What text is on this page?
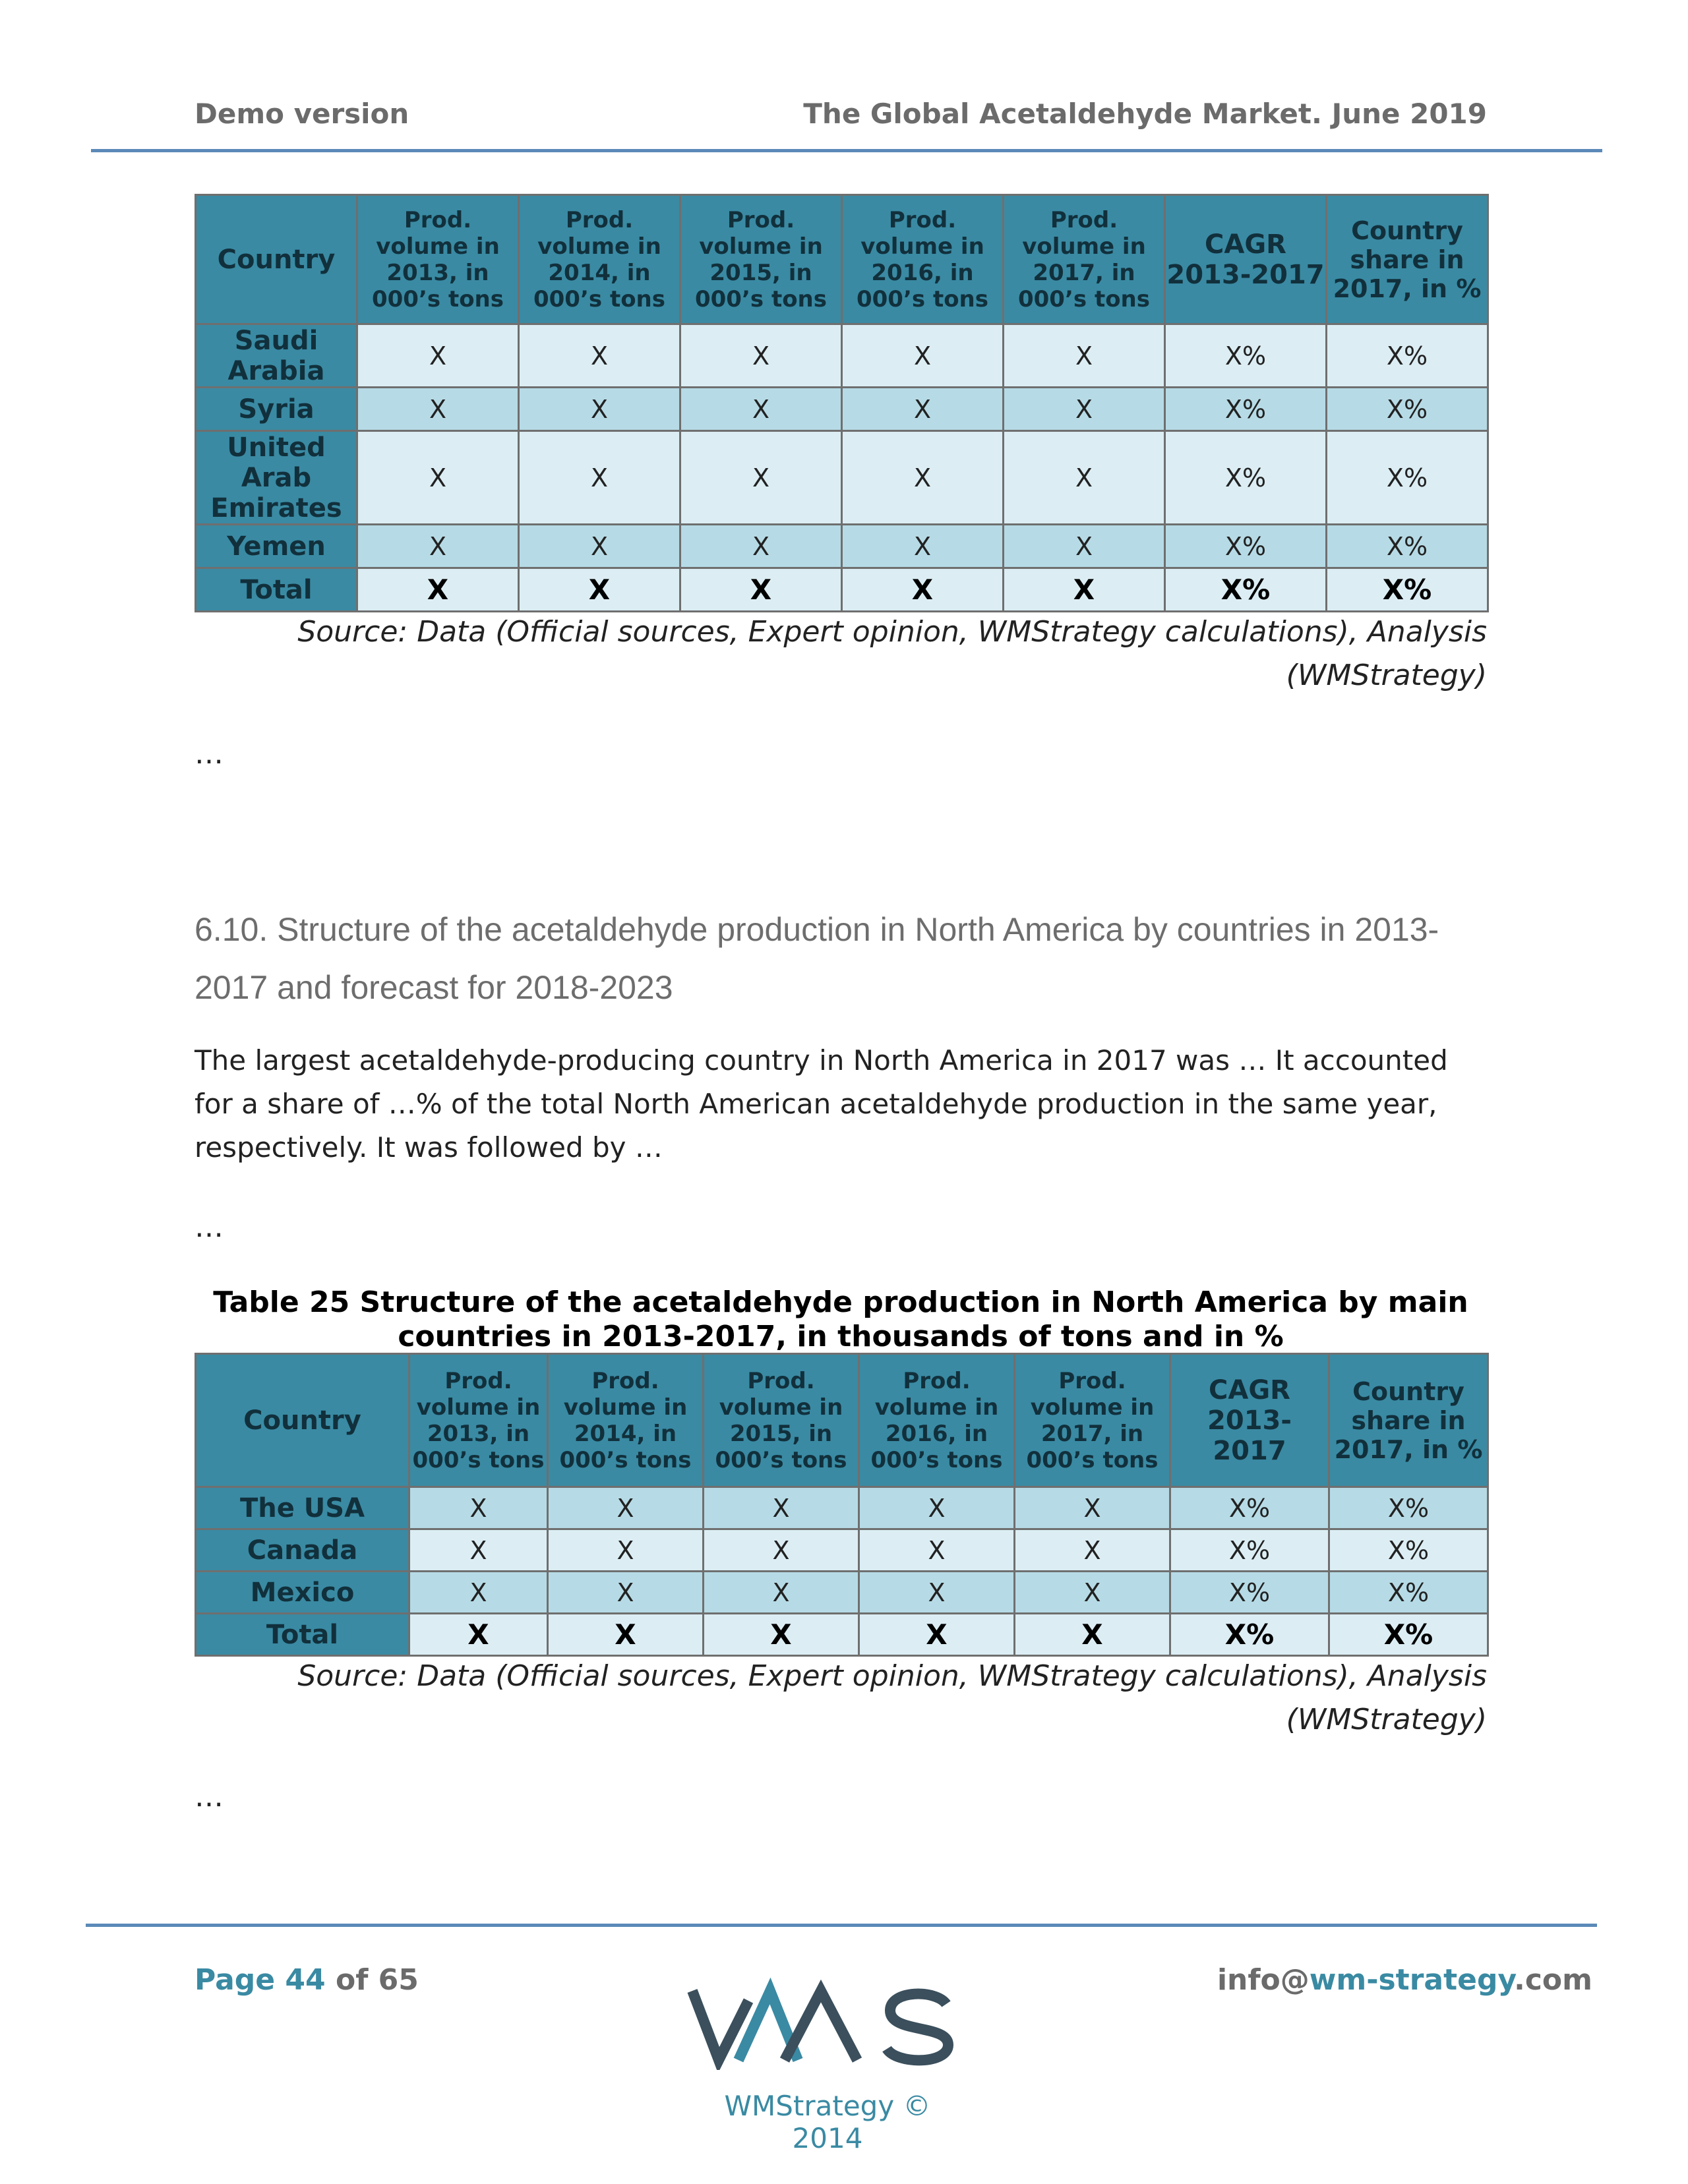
Demo version	The Global Acetaldehyde Market. June 2019
Country	Prod. volume in 2013, in 000’s tons	Prod. volume in 2014, in 000’s tons	Prod. volume in 2015, in 000’s tons	Prod. volume in 2016, in 000’s tons	Prod. volume in 2017, in 000’s tons	CAGR 2013-2017	Country share in 2017, in %
Saudi Arabia	X	X	X	X	X	X%	X%
Syria	X	X	X	X	X	X%	X%
United Arab Emirates	X	X	X	X	X	X%	X%
Yemen	X	X	X	X	X	X%	X%
Total	X	X	X	X	X	X%	X%
Source: Data (Official sources, Expert opinion, WMStrategy calculations), Analysis (WMStrategy)
…
6.10. Structure of the acetaldehyde production in North America by countries in 2013-2017 and forecast for 2018-2023
The largest acetaldehyde-producing country in North America in 2017 was … It accounted for a share of …% of the total North American acetaldehyde production in the same year, respectively. It was followed by …
…
Table 25 Structure of the acetaldehyde production in North America by main countries in 2013-2017, in thousands of tons and in %
Country	Prod. volume in 2013, in 000’s tons	Prod. volume in 2014, in 000’s tons	Prod. volume in 2015, in 000’s tons	Prod. volume in 2016, in 000’s tons	Prod. volume in 2017, in 000’s tons	CAGR 2013-2017	Country share in 2017, in %
The USA	X	X	X	X	X	X%	X%
Canada	X	X	X	X	X	X%	X%
Mexico	X	X	X	X	X	X%	X%
Total	X	X	X	X	X	X%	X%
Source: Data (Official sources, Expert opinion, WMStrategy calculations), Analysis (WMStrategy)
…
Page 44 of 65	info@wm-strategy.com
WMStrategy © 2014
